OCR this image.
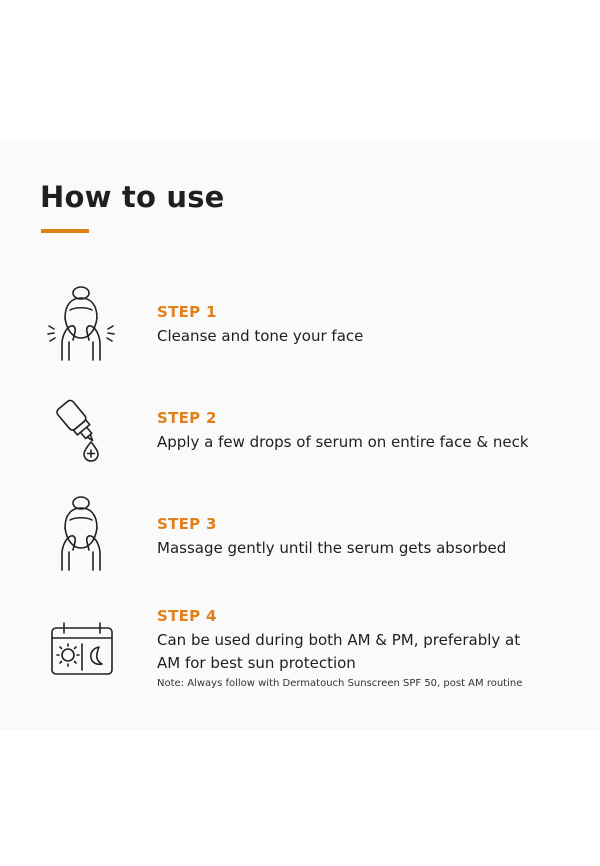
How to use
STEP 1
Cleanse and tone your face
STEP 2
Apply a few drops of serum on entire face & neck
STEP 3
Massage gently until the serum gets absorbed
STEP 4
Can be used during both AM & PM, preferably at AM for best sun protection
Note: Always follow with Dermatouch Sunscreen SPF 50, post AM routine
